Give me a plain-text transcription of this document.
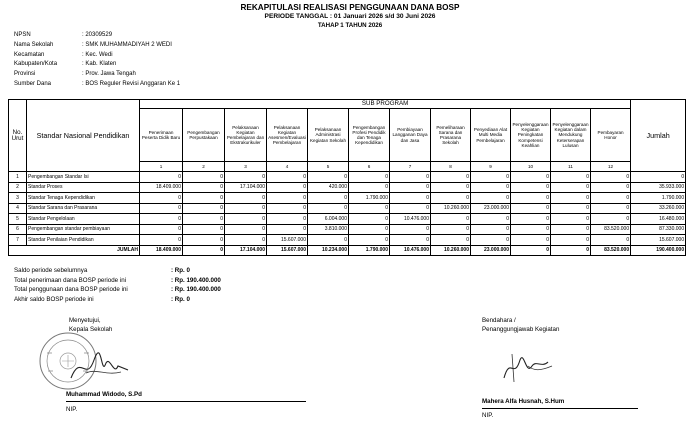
REKAPITULASI REALISASI PENGGUNAAN DANA BOSP
PERIODE TANGGAL : 01 Januari 2026 s/d 30 Juni 2026
TAHAP 1 TAHUN 2026
NPSN	: 20309529
Nama Sekolah	: SMK MUHAMMADIYAH 2 WEDI
Kecamatan	: Kec. Wedi
Kabupaten/Kota	: Kab. Klaten
Provinsi	: Prov. Jawa Tengah
Sumber Dana	: BOS Reguler Revisi Anggaran Ke 1
No. Urut	Standar Nasional Pendidikan	SUB PROGRAM												Jumlah
		Penerimaan Peserta Didik Baru	Pengembangan Perpustakaan	Pelaksanaan Kegiatan Pembelajaran dan Ekstrakurikuler	Pelaksanaan Kegiatan Asesmen/Evaluasi Pembelajaran	Pelaksanaan Administrasi Kegiatan Sekolah	Pengembangan Profesi Pendidik dan Tenaga Kependidikan	Pembiayaan Langganan Daya dan Jasa	Pemeliharaan Sarana dan Prasarana Sekolah	Penyediaan Alat Multi Media Pembelajaran	Penyelenggaraan Kegiatan Peningkatan Kompetensi Keahlian	Penyelenggaraan Kegiatan dalam Mendukung Keterserapan Lulusan	Pembayaran Honor	
		1	2	3	4	5	6	7	8	9	10	11	12	
1	Pengembangan Standar Isi	0	0	0	0	0	0	0	0	0	0	0	0	0
2	Standar Proses	18.409.000	0	17.104.000	0	420.000	0	0	0	0	0	0	0	35.933.000
3	Standar Tenaga Kependidikan	0	0	0	0	0	1.790.000	0	0	0	0	0	0	1.790.000
4	Standar Sarana dan Prasarana	0	0	0	0	0	0	0	10.260.000	23.000.000	0	0	0	33.260.000
5	Standar Pengelolaan	0	0	0	0	6.004.000	0	10.476.000	0	0	0	0	0	16.480.000
6	Pengembangan standar pembiayaan	0	0	0	0	3.810.000	0	0	0	0	0	0	83.520.000	87.330.000
7	Standar Penilaian Pendidikan	0	0	0	15.607.000	0	0	0	0	0	0	0	0	15.607.000
JUMLAH		18.409.000	0	17.104.000	15.607.000	10.234.000	1.790.000	10.476.000	10.260.000	23.000.000	0	0	83.520.000	190.400.000
Saldo periode sebelumnya	: Rp. 0
Total penerimaan dana BOSP periode ini	: Rp. 190.400.000
Total penggunaan dana BOSP periode ini	: Rp. 190.400.000
Akhir saldo BOSP periode ini	: Rp. 0
Menyetujui,
Kepala Sekolah
Muhammad Widodo, S.Pd
NIP.
Bendahara /
Penanggungjawab Kegiatan
Mahera Alfa Husnah, S.Hum
NIP.
